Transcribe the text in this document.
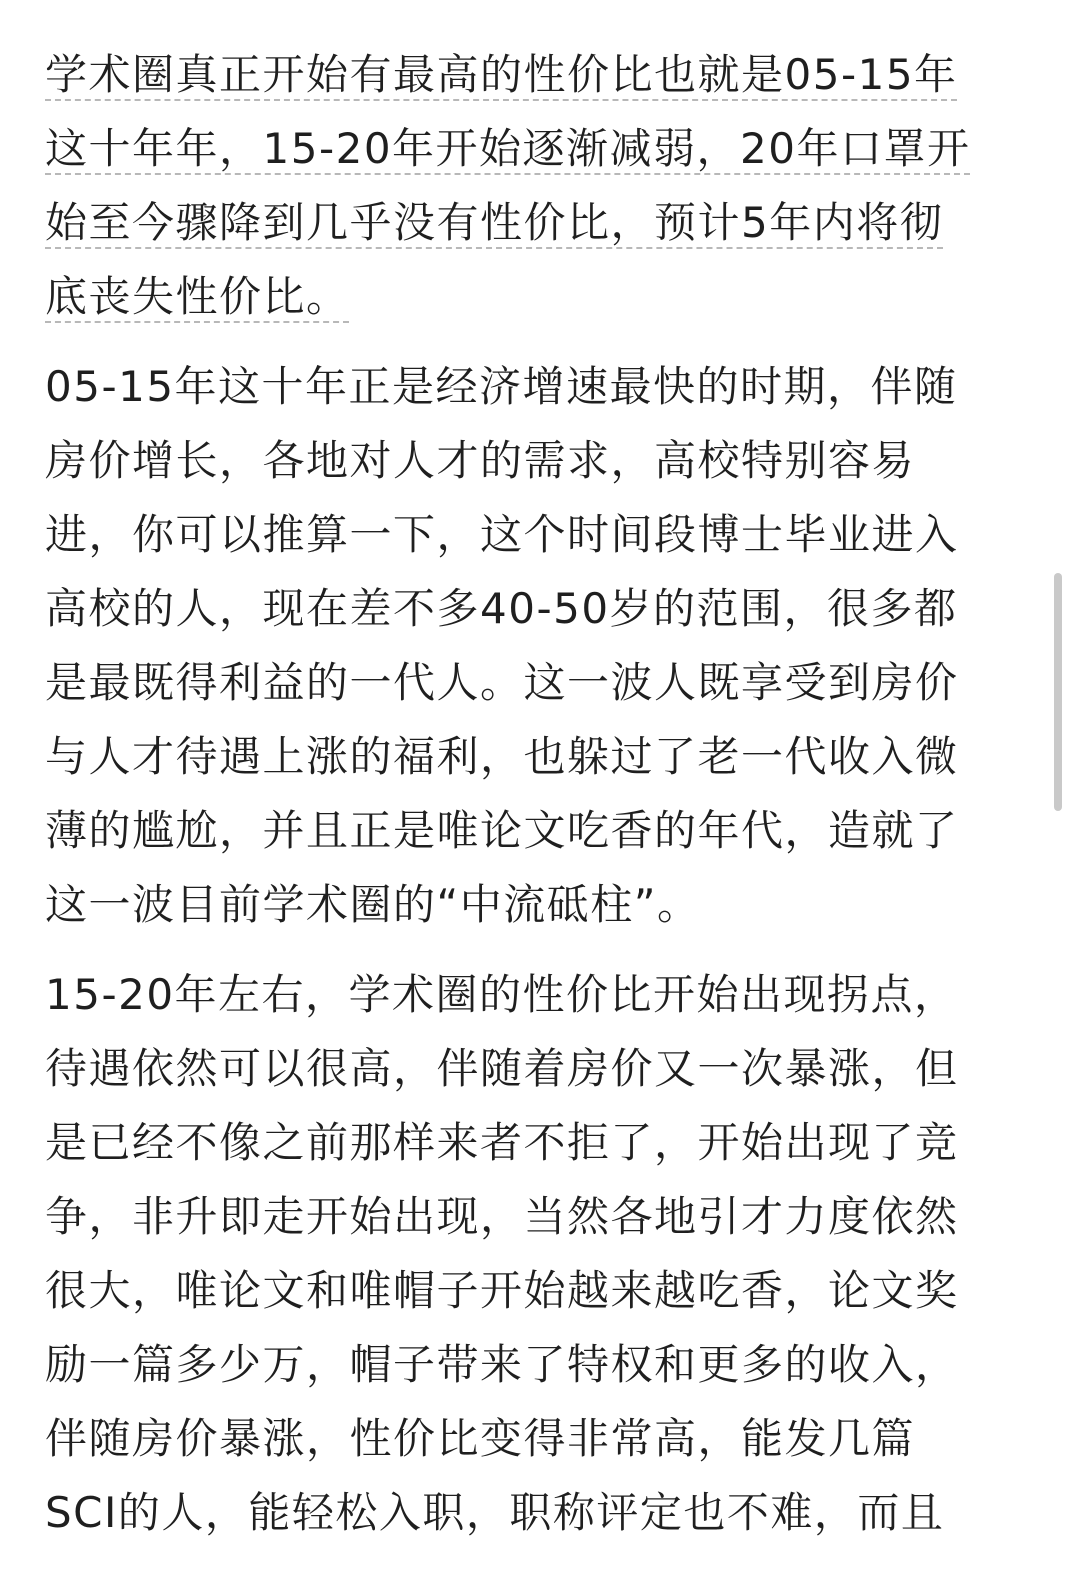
学术圈真正开始有最高的性价比也就是05-15年
这十年年，15-20年开始逐渐减弱，20年口罩开
始至今骤降到几乎没有性价比，预计5年内将彻
底丧失性价比。

05-15年这十年正是经济增速最快的时期，伴随
房价增长，各地对人才的需求，高校特别容易
进，你可以推算一下，这个时间段博士毕业进入
高校的人，现在差不多40-50岁的范围，很多都
是最既得利益的一代人。这一波人既享受到房价
与人才待遇上涨的福利，也躲过了老一代收入微
薄的尴尬，并且正是唯论文吃香的年代，造就了
这一波目前学术圈的“中流砥柱”。

15-20年左右，学术圈的性价比开始出现拐点，
待遇依然可以很高，伴随着房价又一次暴涨，但
是已经不像之前那样来者不拒了，开始出现了竞
争，非升即走开始出现，当然各地引才力度依然
很大，唯论文和唯帽子开始越来越吃香，论文奖
励一篇多少万，帽子带来了特权和更多的收入，
伴随房价暴涨，性价比变得非常高，能发几篇
SCI的人，能轻松入职，职称评定也不难，而且
